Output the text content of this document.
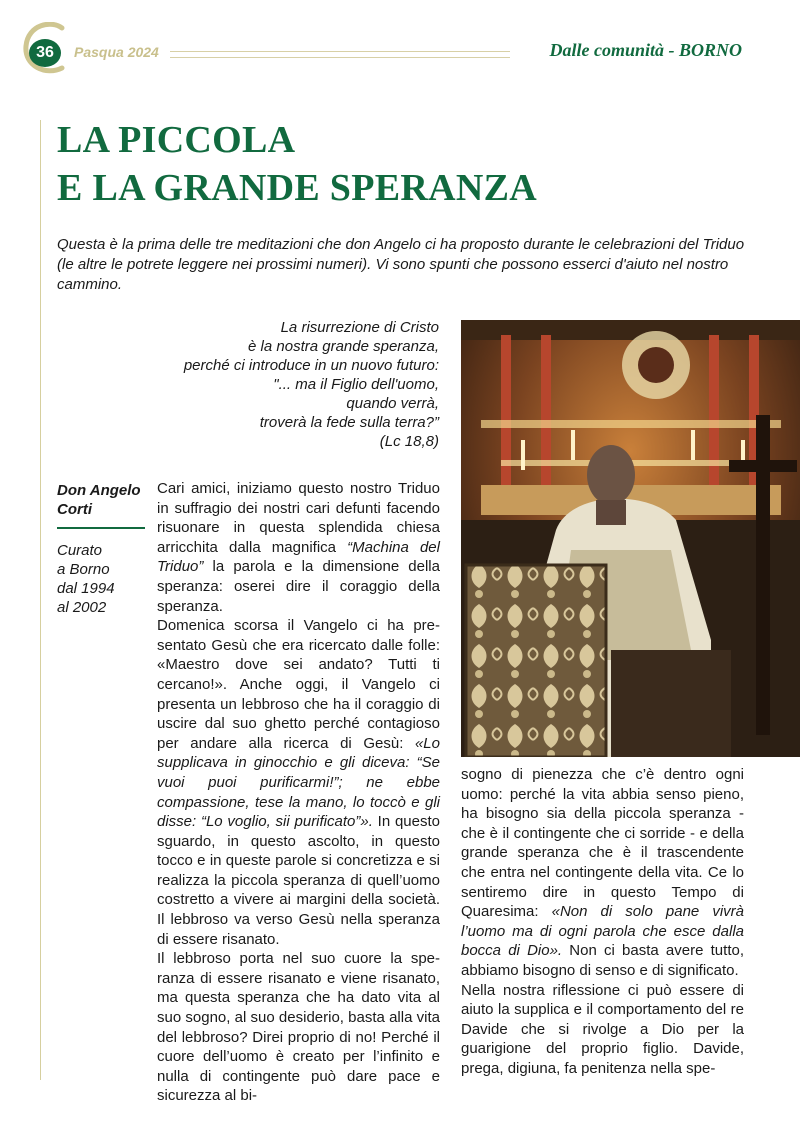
36	Pasqua 2024	Dalle comunità - BORNO
LA PICCOLA
E LA GRANDE SPERANZA

Questa è la prima delle tre meditazioni che don Angelo ci ha proposto durante le celebrazioni del Triduo (le altre le potrete leggere nei prossimi numeri). Vi sono spunti che possono esserci d'aiuto nel nostro cammino.

La risurrezione di Cristo
è la nostra grande speranza,
perché ci introduce in un nuovo futuro:
"... ma il Figlio dell'uomo,
quando verrà,
troverà la fede sulla terra?”
(Lc 18,8)
Don Angelo Corti
Curato
a Borno
dal 1994
al 2002

Cari amici, iniziamo questo nostro Triduo in suffragio dei nostri cari defunti facendo risuonare in questa splendida chiesa arricchita dalla magnifica “Machina del Triduo” la parola e la dimensione della speranza: oserei dire il coraggio della speranza.

Domenica scorsa il Vangelo ci ha presentato Gesù che era ricercato dalle folle: «Maestro dove sei andato? Tutti ti cercano!». Anche oggi, il Vangelo ci presenta un lebbroso che ha il coraggio di uscire dal suo ghetto perché contagioso per andare alla ricerca di Gesù: «Lo supplicava in ginocchio e gli diceva: “Se vuoi puoi purificarmi!”; ne ebbe compassione, tese la mano, lo toccò e gli disse: “Lo voglio, sii purificato”». In questo sguardo, in questo ascolto, in questo tocco e in queste parole si concretizza e si realizza la piccola speranza di quell’uomo costretto a vivere ai margini della società. Il lebbroso va verso Gesù nella speranza di essere risanato.

Il lebbroso porta nel suo cuore la speranza di essere risanato e viene risanato, ma questa speranza che ha dato vita al suo sogno, al suo desiderio, basta alla vita del lebbroso? Direi proprio di no! Perché il cuore dell’uomo è creato per l’infinito e nulla di contingente può dare pace e sicurezza al bi-

sogno di pienezza che c’è dentro ogni uomo: perché la vita abbia senso pieno, ha bisogno sia della piccola speranza - che è il contingente che ci sorride - e della grande speranza che è il trascendente che entra nel contingente della vita. Ce lo sentiremo dire in questo Tempo di Quaresima: «Non di solo pane vivrà l’uomo ma di ogni parola che esce dalla bocca di Dio». Non ci basta avere tutto, abbiamo bisogno di senso e di significato.

Nella nostra riflessione ci può essere di aiuto la supplica e il comportamento del re Davide che si rivolge a Dio per la guarigione del proprio figlio. Davide, prega, digiuna, fa penitenza nella spe-
